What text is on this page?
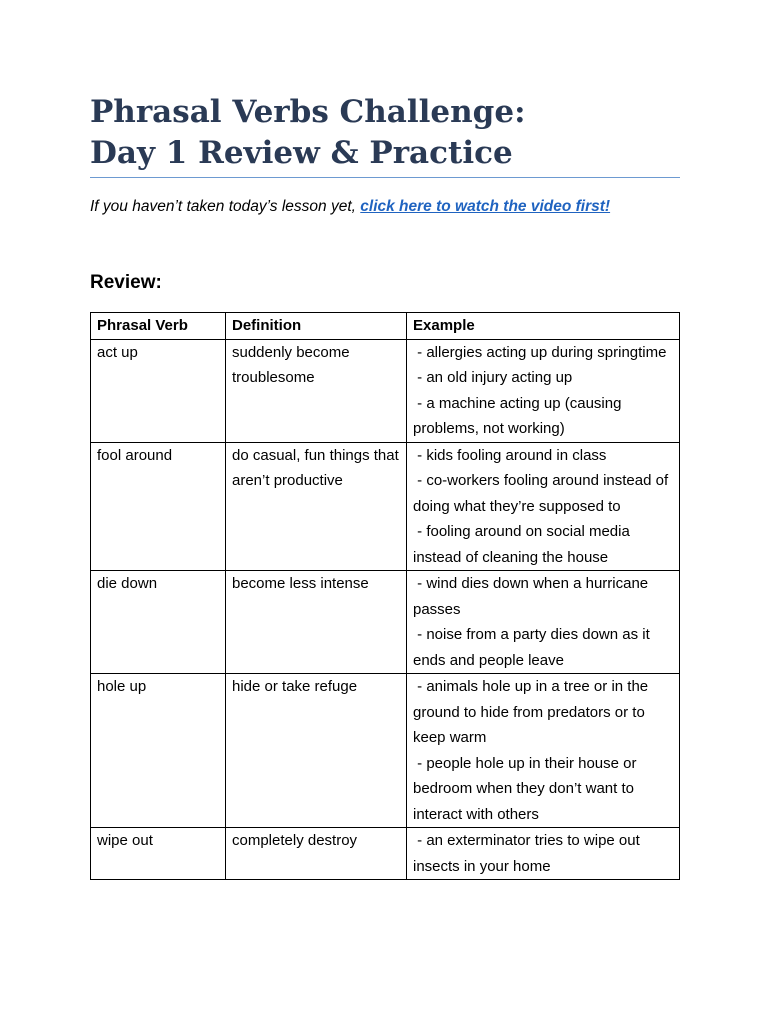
Phrasal Verbs Challenge:
Day 1 Review & Practice

If you haven’t taken today’s lesson yet, click here to watch the video first!

Review:
Phrasal Verb	Definition	Example
act up	suddenly become troublesome	- allergies acting up during springtime
- an old injury acting up
- a machine acting up (causing problems, not working)

fool around	do casual, fun things that aren’t productive	- kids fooling around in class
- co-workers fooling around instead of doing what they’re supposed to
- fooling around on social media instead of cleaning the house

die down	become less intense	- wind dies down when a hurricane passes
- noise from a party dies down as it ends and people leave

hole up	hide or take refuge	- animals hole up in a tree or in the ground to hide from predators or to keep warm
- people hole up in their house or bedroom when they don’t want to interact with others

wipe out	completely destroy	- an exterminator tries to wipe out insects in your home
